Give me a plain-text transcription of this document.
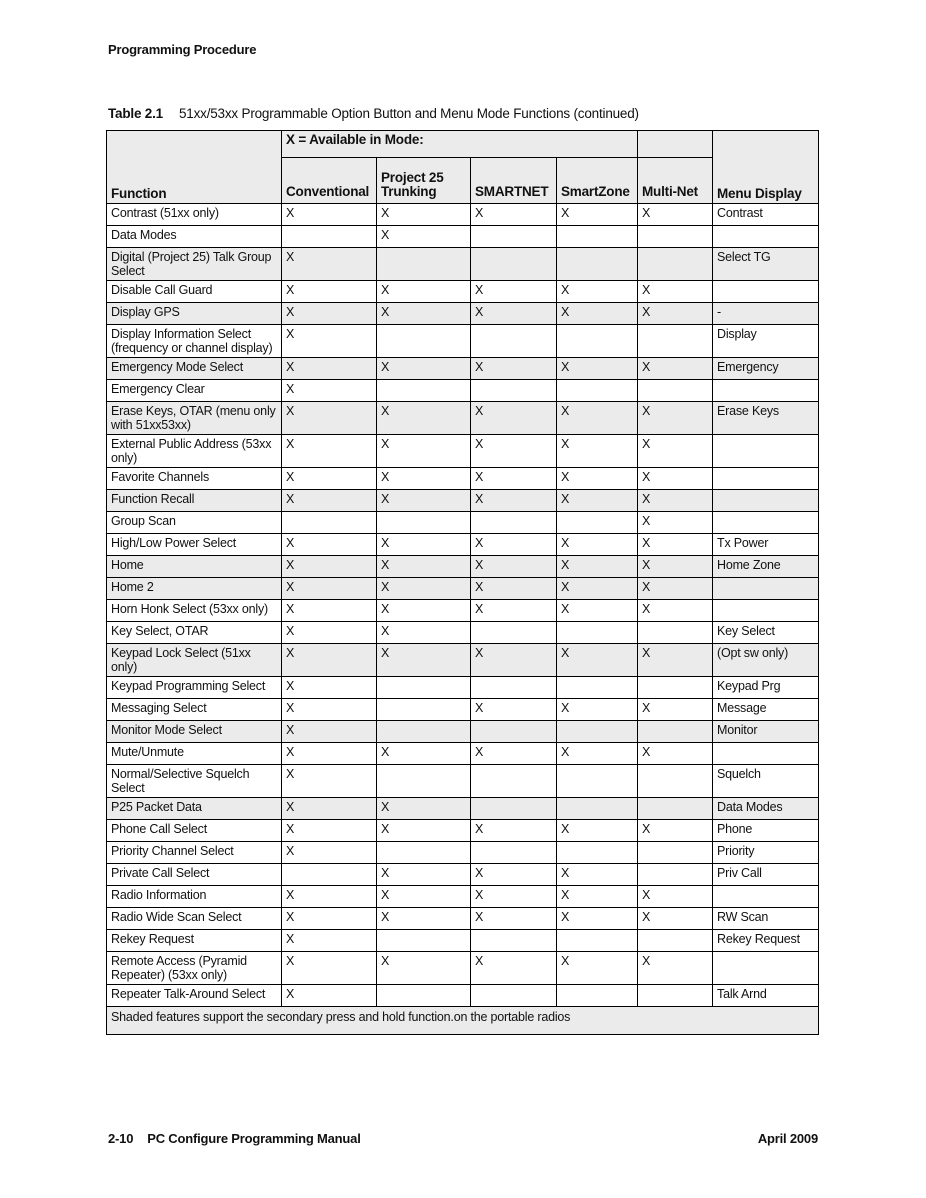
Programming Procedure
Table 2.1 51xx/53xx Programmable Option Button and Menu Mode Functions (continued)
Function	X = Available in Mode:					Menu Display
	Conventional	Project 25 Trunking	SMARTNET	SmartZone	Multi-Net	
Contrast (51xx only)	X	X	X	X	X	Contrast
Data Modes		X				
Digital (Project 25) Talk Group Select	X					Select TG
Disable Call Guard	X	X	X	X	X	
Display GPS	X	X	X	X	X	-
Display Information Select (frequency or channel display)	X					Display
Emergency Mode Select	X	X	X	X	X	Emergency
Emergency Clear	X					
Erase Keys, OTAR (menu only with 51xx53xx)	X	X	X	X	X	Erase Keys
External Public Address (53xx only)	X	X	X	X	X	
Favorite Channels	X	X	X	X	X	
Function Recall	X	X	X	X	X	
Group Scan					X	
High/Low Power Select	X	X	X	X	X	Tx Power
Home	X	X	X	X	X	Home Zone
Home 2	X	X	X	X	X	
Horn Honk Select (53xx only)	X	X	X	X	X	
Key Select, OTAR	X	X				Key Select
Keypad Lock Select (51xx only)	X	X	X	X	X	(Opt sw only)
Keypad Programming Select	X					Keypad Prg
Messaging Select	X		X	X	X	Message
Monitor Mode Select	X					Monitor
Mute/Unmute	X	X	X	X	X	
Normal/Selective Squelch Select	X					Squelch
P25 Packet Data	X	X				Data Modes
Phone Call Select	X	X	X	X	X	Phone
Priority Channel Select	X					Priority
Private Call Select		X	X	X		Priv Call
Radio Information	X	X	X	X	X	
Radio Wide Scan Select	X	X	X	X	X	RW Scan
Rekey Request	X					Rekey Request
Remote Access (Pyramid Repeater) (53xx only)	X	X	X	X	X	
Repeater Talk-Around Select	X					Talk Arnd
Shaded features support the secondary press and hold function.on the portable radios						
2-10 PC Configure Programming Manual	April 2009
